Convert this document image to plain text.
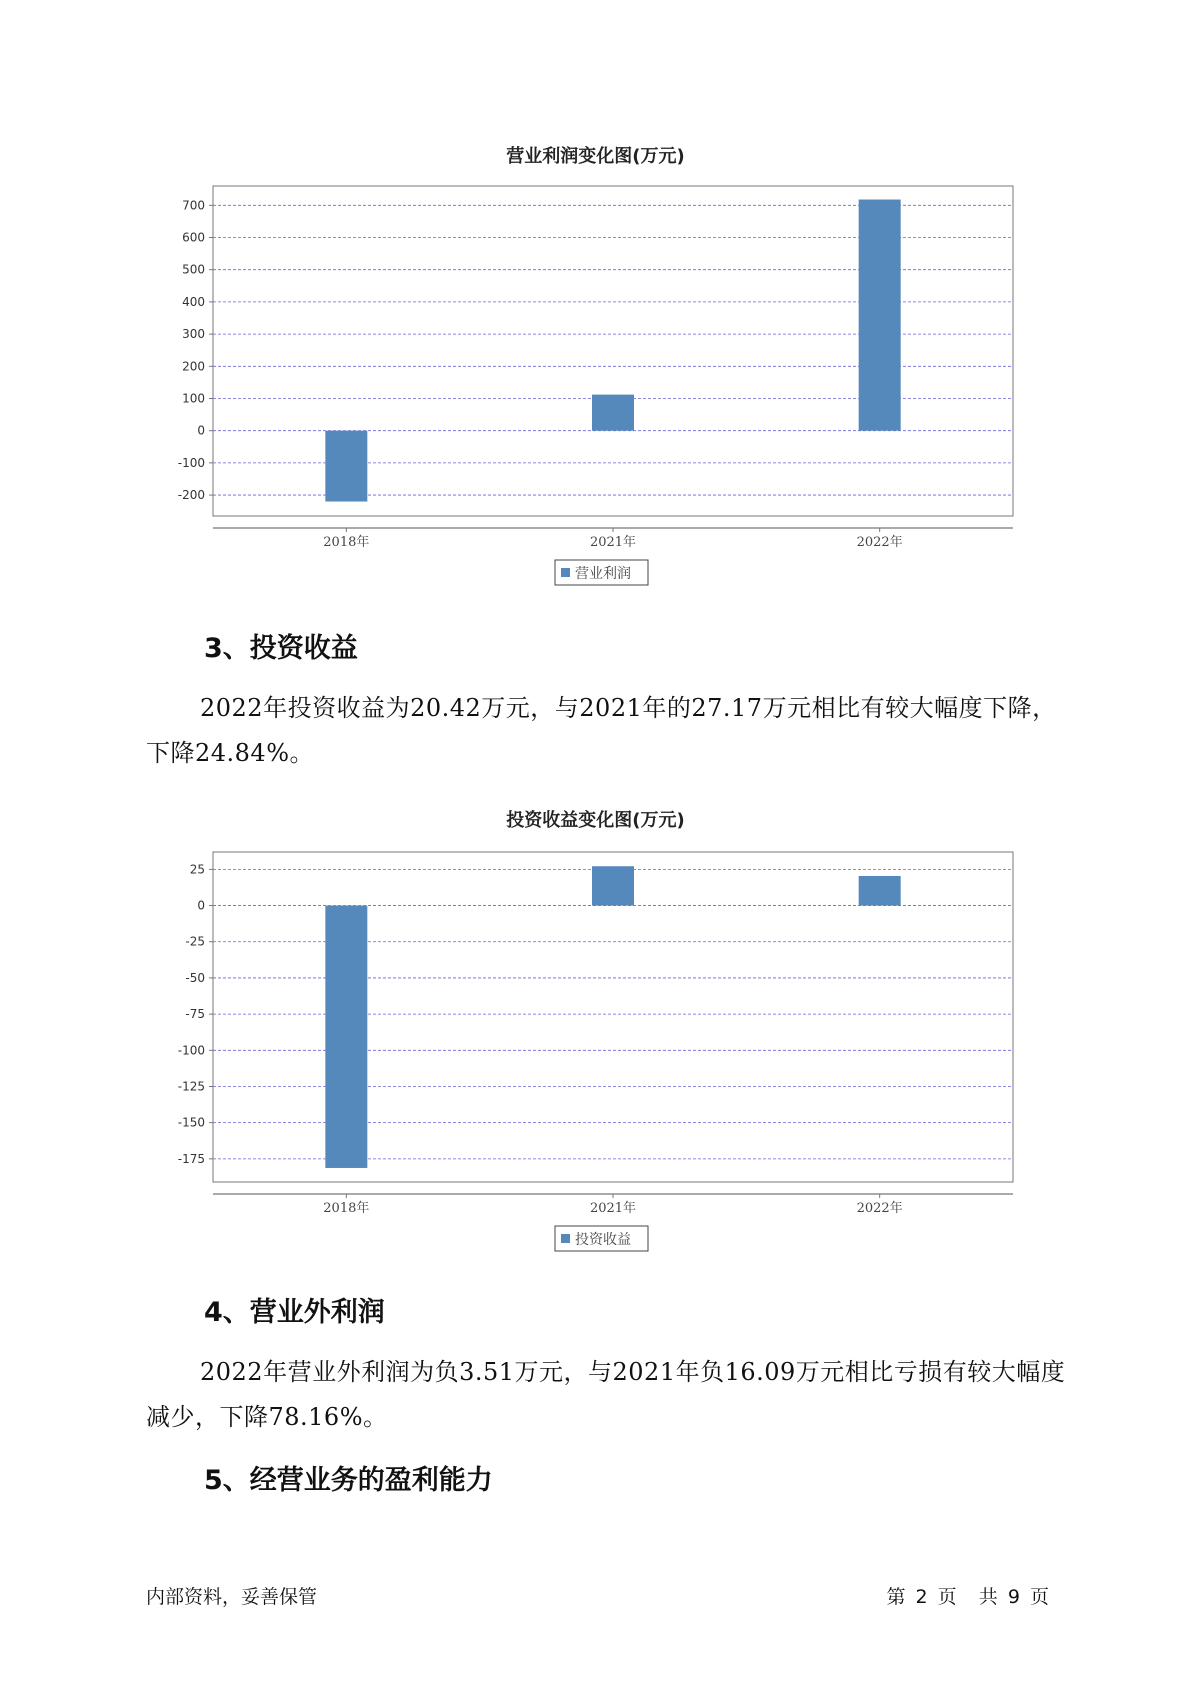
营业利润变化图(万元)
-200
-100
0
100
200
300
400
500
600
700
2018年	2021年	2022年
营业利润
3、投资收益
2022年投资收益为20.42万元，与2021年的27.17万元相比有较大幅度下降，下降24.84%。
投资收益变化图(万元)
-175
-150
-125
-100
-75
-50
-25
0
25
2018年	2021年	2022年
投资收益
4、营业外利润
2022年营业外利润为负3.51万元，与2021年负16.09万元相比亏损有较大幅度减少，下降78.16%。
5、经营业务的盈利能力
内部资料，妥善保管	第 2 页 共 9 页
